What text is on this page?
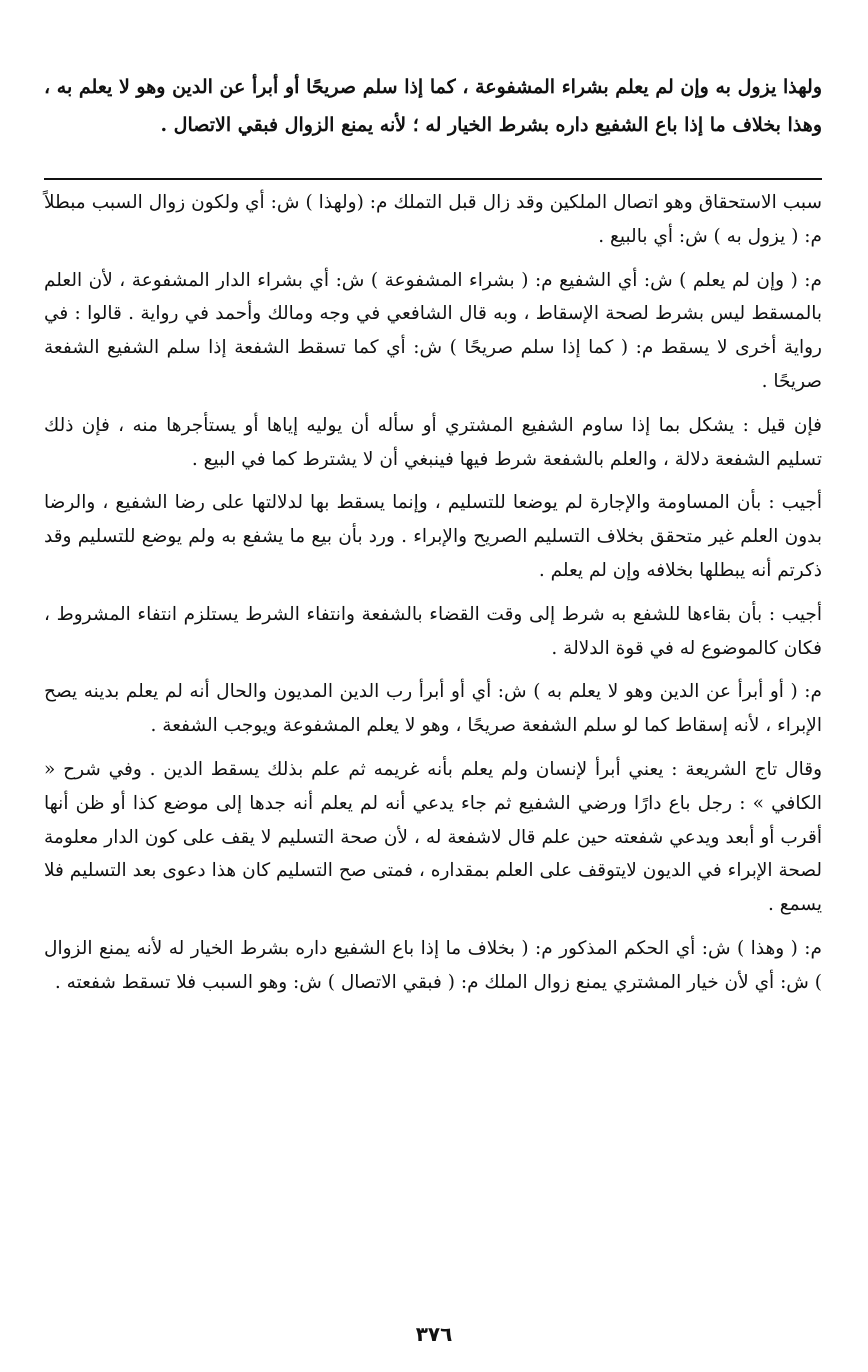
ولهذا يزول به وإن لم يعلم بشراء المشفوعة ، كما إذا سلم صريحًا أو أبرأ عن الدين وهو لا يعلم به ، وهذا بخلاف ما إذا باع الشفيع داره بشرط الخيار له ؛ لأنه يمنع الزوال فبقي الاتصال .

سبب الاستحقاق وهو اتصال الملكين وقد زال قبل التملك م: (ولهذا ) ش: أي ولكون زوال السبب مبطلاً م: ( يزول به ) ش: أي بالبيع .

م: ( وإن لم يعلم ) ش: أي الشفيع م: ( بشراء المشفوعة ) ش: أي بشراء الدار المشفوعة ، لأن العلم بالمسقط ليس بشرط لصحة الإسقاط ، وبه قال الشافعي في وجه ومالك وأحمد في رواية . قالوا : في رواية أخرى لا يسقط م: ( كما إذا سلم صريحًا ) ش: أي كما تسقط الشفعة إذا سلم الشفيع الشفعة صريحًا .

فإن قيل : يشكل بما إذا ساوم الشفيع المشتري أو سأله أن يوليه إياها أو يستأجرها منه ، فإن ذلك تسليم الشفعة دلالة ، والعلم بالشفعة شرط فيها فينبغي أن لا يشترط كما في البيع .

أجيب : بأن المساومة والإجارة لم يوضعا للتسليم ، وإنما يسقط بها لدلالتها على رضا الشفيع ، والرضا بدون العلم غير متحقق بخلاف التسليم الصريح والإبراء . ورد بأن بيع ما يشفع به ولم يوضع للتسليم وقد ذكرتم أنه يبطلها بخلافه وإن لم يعلم .

أجيب : بأن بقاءها للشفع به شرط إلى وقت القضاء بالشفعة وانتفاء الشرط يستلزم انتفاء المشروط ، فكان كالموضوع له في قوة الدلالة .

م: ( أو أبرأ عن الدين وهو لا يعلم به ) ش: أي أو أبرأ رب الدين المديون والحال أنه لم يعلم بدينه يصح الإبراء ، لأنه إسقاط كما لو سلم الشفعة صريحًا ، وهو لا يعلم المشفوعة ويوجب الشفعة .

وقال تاج الشريعة : يعني أبرأ لإنسان ولم يعلم بأنه غريمه ثم علم بذلك يسقط الدين . وفي شرح « الكافي » : رجل باع دارًا ورضي الشفيع ثم جاء يدعي أنه لم يعلم أنه جدها إلى موضع كذا أو ظن أنها أقرب أو أبعد ويدعي شفعته حين علم قال لاشفعة له ، لأن صحة التسليم لا يقف على كون الدار معلومة لصحة الإبراء في الديون لايتوقف على العلم بمقداره ، فمتى صح التسليم كان هذا دعوى بعد التسليم فلا يسمع .

م: ( وهذا ) ش: أي الحكم المذكور م: ( بخلاف ما إذا باع الشفيع داره بشرط الخيار له لأنه يمنع الزوال ) ش: أي لأن خيار المشتري يمنع زوال الملك م: ( فبقي الاتصال ) ش: وهو السبب فلا تسقط شفعته .

٣٧٦
